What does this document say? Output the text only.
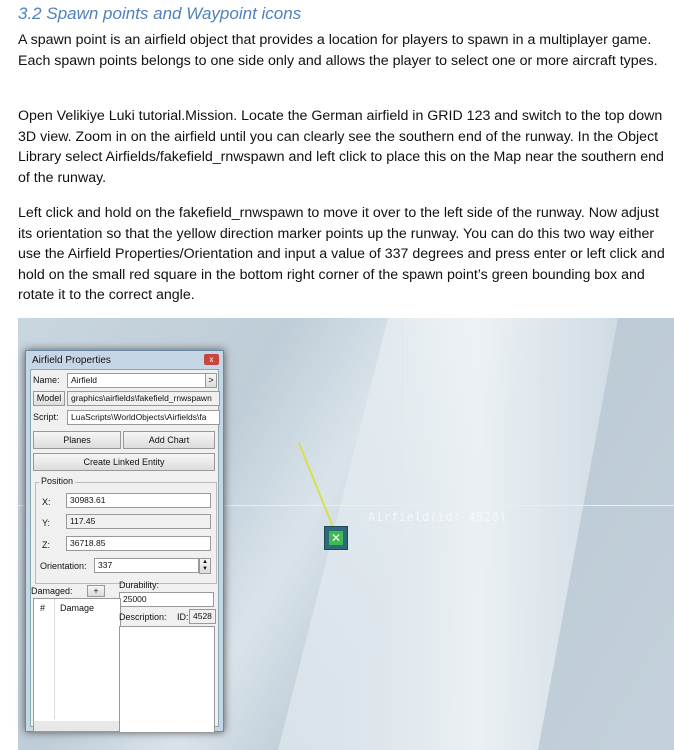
3.2 Spawn points and Waypoint icons

A spawn point is an airfield object that provides a location for players to spawn in a multiplayer game. Each spawn points belongs to one side only and allows the player to select one or more aircraft types.

Open Velikiye Luki tutorial.Mission. Locate the German airfield in GRID 123 and switch to the top down 3D view. Zoom in on the airfield until you can clearly see the southern end of the runway. In the Object Library select Airfields/fakefield_rnwspawn and left click to place this on the Map near the southern end of the runway.

Left click and hold on the fakefield_rnwspawn to move it over to the left side of the runway. Now adjust its orientation so that the yellow direction marker points up the runway. You can do this two way either use the Airfield Properties/Orientation and input a value of 337 degrees and press enter or left click and hold on the small red square in the bottom right corner of the spawn point’s green bounding box and rotate it to the correct angle.

✕
Airfield(id: 4528)
Airfield Properties	x
Name:	Airfield	>
Model	graphics\airfields\fakefield_rnwspawn
Script:	LuaScripts\WorldObjects\Airfields\fa
Planes	Add Chart
Create Linked Entity
Position
X:	30983.61
Y:	117.45
Z:	36718.85
Orientation:	337	▲
▼
Damaged:	+
Durability:
25000
# Damage
Description: ID: 4528
